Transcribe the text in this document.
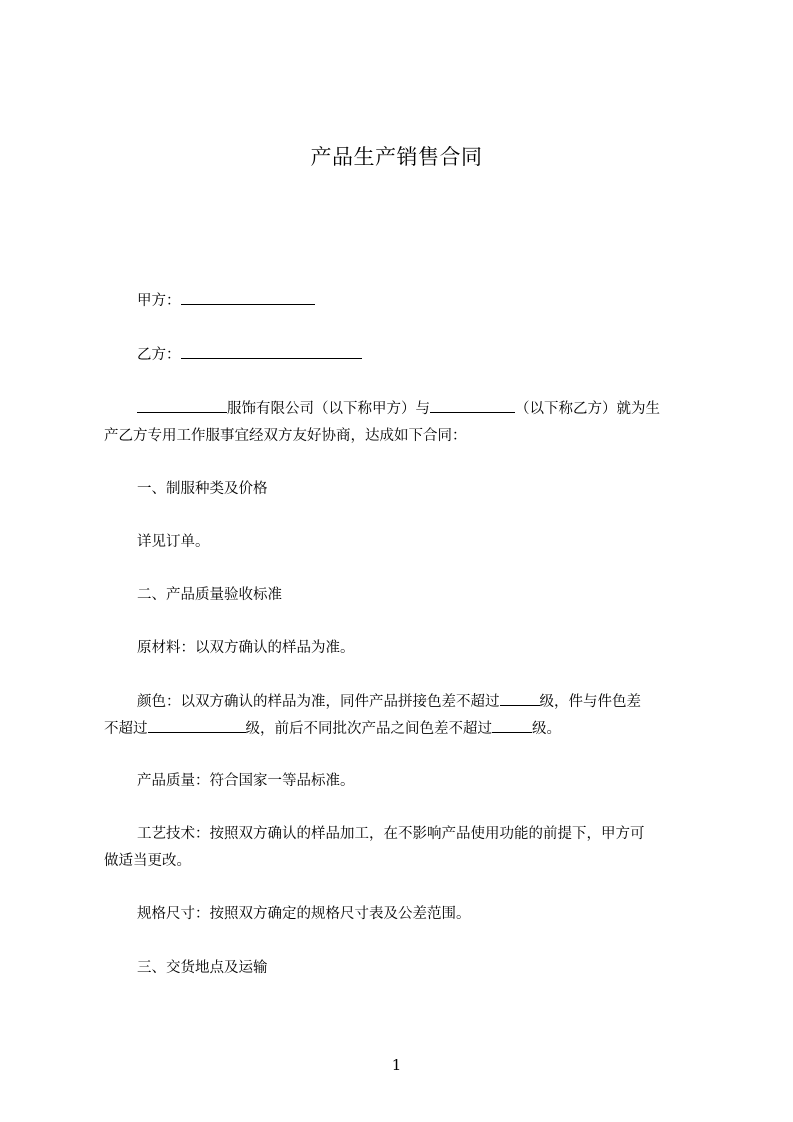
产品生产销售合同
甲方：
乙方：
服饰有限公司（以下称甲方）与	（以下称乙方）就为生
产乙方专用工作服事宜经双方友好协商，达成如下合同：
一、制服种类及价格
详见订单。
二、产品质量验收标准
原材料：以双方确认的样品为准。
颜色：以双方确认的样品为准，同件产品拼接色差不超过	级，件与件色差
不超过	级，前后不同批次产品之间色差不超过	级。
产品质量：符合国家一等品标准。
工艺技术：按照双方确认的样品加工，在不影响产品使用功能的前提下，甲方可
做适当更改。
规格尺寸：按照双方确定的规格尺寸表及公差范围。
三、交货地点及运输
1
